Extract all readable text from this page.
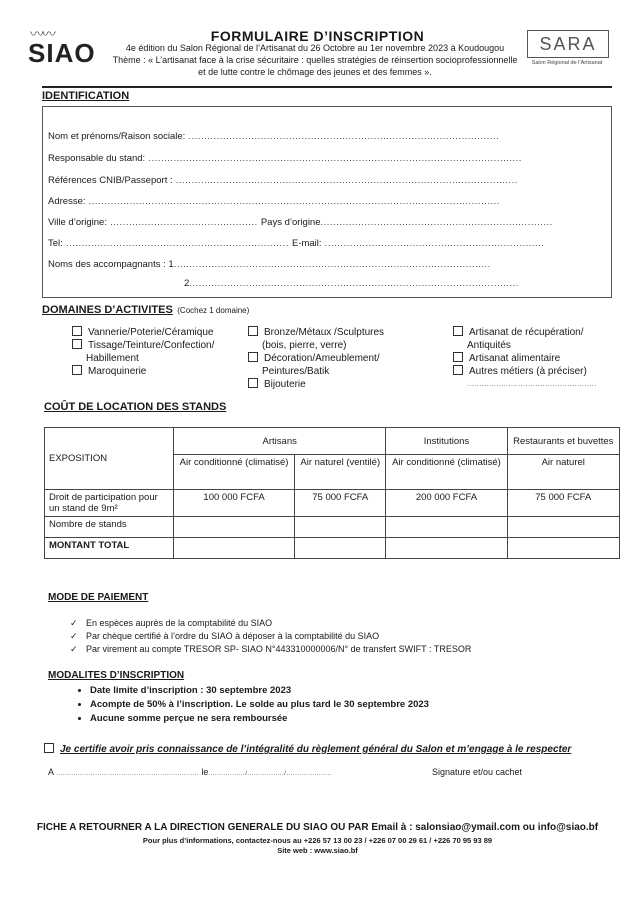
〰〰
SIAO
FORMULAIRE D’INSCRIPTION
4e édition du Salon Régional de l’Artisanat du 26 Octobre au 1er novembre 2023 à Koudougou
Thème : « L’artisanat face à la crise sécuritaire : quelles stratégies de réinsertion socioprofessionnelle et de lutte contre le chômage des jeunes et des femmes ».
SARA
Salon Régional de l’Artisanat
IDENTIFICATION
Nom et prénoms/Raison sociale: ...................................................................................................
Responsable du stand: .......................................................................................................................
Références CNIB/Passeport : .............................................................................................................
Adresse: ...................................................................................................................................
Ville d’origine: ............................................... Pays d’origine..........................................................................
Tel: ....................................................................... E-mail: ......................................................................
Noms des accompagnants : 1.....................................................................................................
2.........................................................................................................
DOMAINES D’ACTIVITES (Cochez 1 domaine)
Vannerie/Poterie/Céramique
Tissage/Teinture/Confection/
Habillement
Maroquinerie
Bronze/Métaux /Sculptures
(bois, pierre, verre)
Décoration/Ameublement/
Peintures/Batik
Bijouterie
Artisanat de récupération/
Antiquités
Artisanat alimentaire
Autres métiers (à préciser)
.....................................................
COÛT DE LOCATION DES STANDS
EXPOSITION	Artisans		Institutions	Restaurants et buvettes
	Air conditionné (climatisé)	Air naturel (ventilé)	Air conditionné (climatisé)	Air naturel
Droit de participation pour un stand de 9m²	100 000 FCFA	75 000 FCFA	200 000 FCFA	75 000 FCFA
Nombre de stands				
MONTANT TOTAL				
MODE DE PAIEMENT
✓ En espèces auprès de la comptabilité du SIAO
✓ Par chèque certifié à l’ordre du SIAO à déposer à la comptabilité du SIAO
✓ Par virement au compte TRESOR SP- SIAO N°443310000006/N° de transfert SWIFT : TRESOR
MODALITES D’INSCRIPTION
• Date limite d’inscription : 30 septembre 2023
• Acompte de 50% à l’inscription. Le solde au plus tard le 30 septembre 2023
• Aucune somme perçue ne sera remboursée
Je certifie avoir pris connaissance de l’intégralité du règlement général du Salon et m’engage à le respecter
A .................................................................. le................./................./.....................	Signature et/ou cachet
FICHE A RETOURNER A LA DIRECTION GENERALE DU SIAO OU PAR Email à : salonsiao@ymail.com ou info@siao.bf
Pour plus d’informations, contactez-nous au +226 57 13 00 23 / +226 07 00 29 61 / +226 70 95 93 89
Site web : www.siao.bf
